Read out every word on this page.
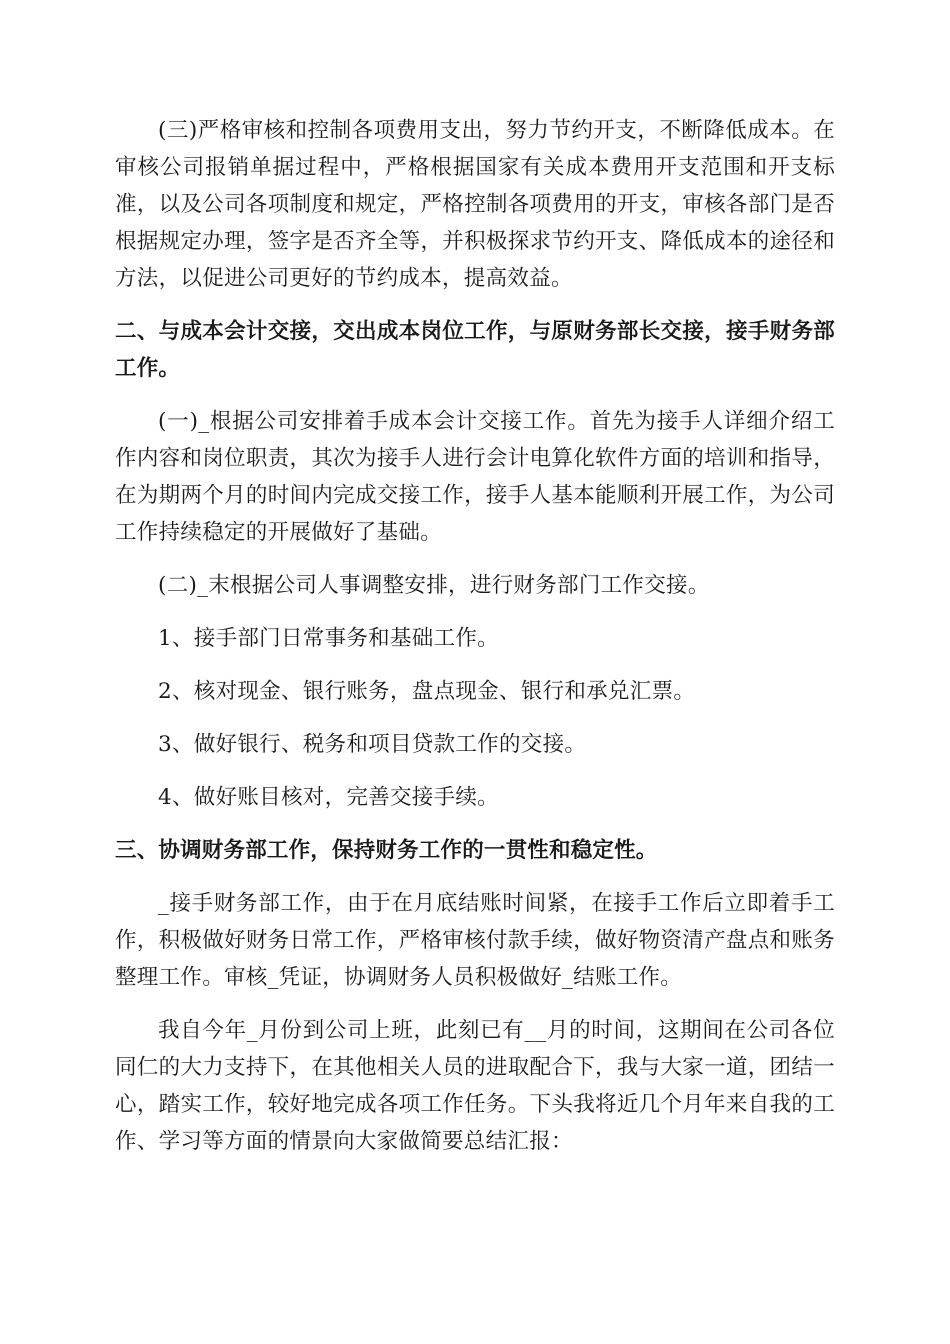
(三)严格审核和控制各项费用支出，努力节约开支，不断降低成本。在审核公司报销单据过程中，严格根据国家有关成本费用开支范围和开支标准，以及公司各项制度和规定，严格控制各项费用的开支，审核各部门是否根据规定办理，签字是否齐全等，并积极探求节约开支、降低成本的途径和方法，以促进公司更好的节约成本，提高效益。

二、与成本会计交接，交出成本岗位工作，与原财务部长交接，接手财务部工作。

(一)_根据公司安排着手成本会计交接工作。首先为接手人详细介绍工作内容和岗位职责，其次为接手人进行会计电算化软件方面的培训和指导，在为期两个月的时间内完成交接工作，接手人基本能顺利开展工作，为公司工作持续稳定的开展做好了基础。

(二)_末根据公司人事调整安排，进行财务部门工作交接。

1、接手部门日常事务和基础工作。

2、核对现金、银行账务，盘点现金、银行和承兑汇票。

3、做好银行、税务和项目贷款工作的交接。

4、做好账目核对，完善交接手续。

三、协调财务部工作，保持财务工作的一贯性和稳定性。

_接手财务部工作，由于在月底结账时间紧，在接手工作后立即着手工作，积极做好财务日常工作，严格审核付款手续，做好物资清产盘点和账务整理工作。审核_凭证，协调财务人员积极做好_结账工作。

我自今年_月份到公司上班，此刻已有__月的时间，这期间在公司各位同仁的大力支持下，在其他相关人员的进取配合下，我与大家一道，团结一心，踏实工作，较好地完成各项工作任务。下头我将近几个月年来自我的工作、学习等方面的情景向大家做简要总结汇报：
